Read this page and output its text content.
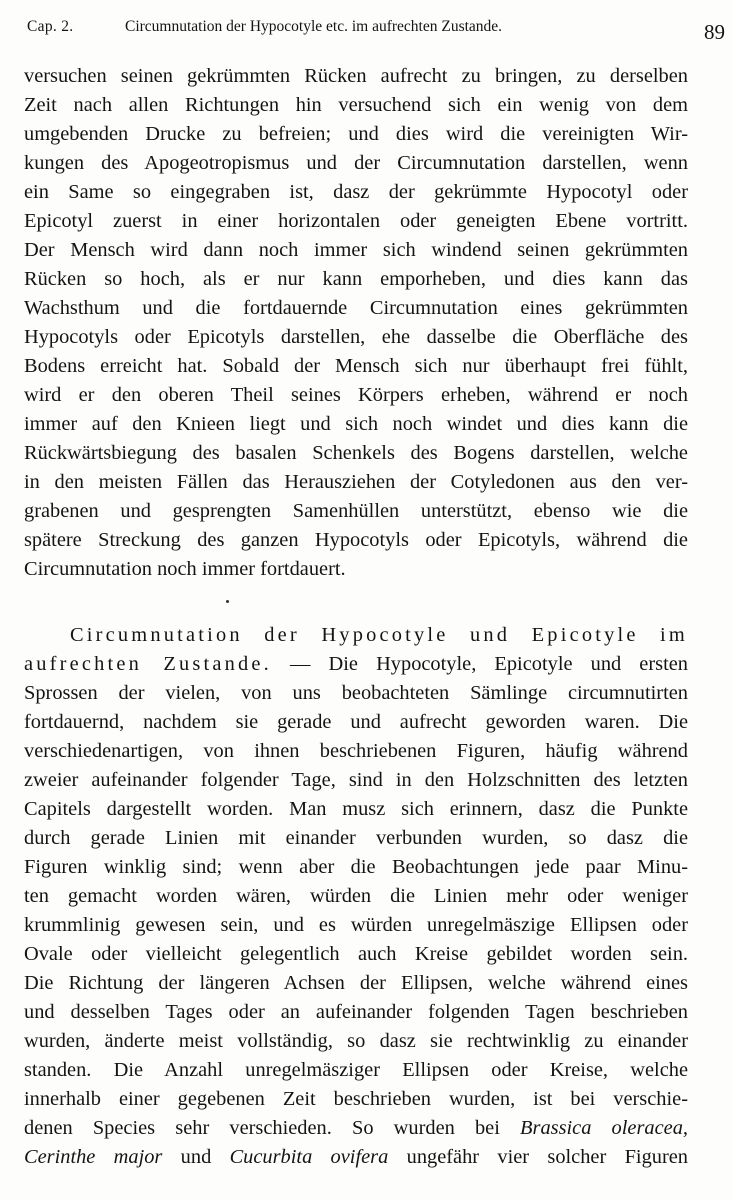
Cap. 2.	Circumnutation der Hypocotyle etc. im aufrechten Zustande.	89
versuchen seinen gekrümmten Rücken aufrecht zu bringen, zu derselben
Zeit nach allen Richtungen hin versuchend sich ein wenig von dem
umgebenden Drucke zu befreien; und dies wird die vereinigten Wir-
kungen des Apogeotropismus und der Circumnutation darstellen, wenn
ein Same so eingegraben ist, dasz der gekrümmte Hypocotyl oder
Epicotyl zuerst in einer horizontalen oder geneigten Ebene vortritt.
Der Mensch wird dann noch immer sich windend seinen gekrümmten
Rücken so hoch, als er nur kann emporheben, und dies kann das
Wachsthum und die fortdauernde Circumnutation eines gekrümmten
Hypocotyls oder Epicotyls darstellen, ehe dasselbe die Oberfläche des
Bodens erreicht hat. Sobald der Mensch sich nur überhaupt frei fühlt,
wird er den oberen Theil seines Körpers erheben, während er noch
immer auf den Knieen liegt und sich noch windet und dies kann die
Rückwärtsbiegung des basalen Schenkels des Bogens darstellen, welche
in den meisten Fällen das Herausziehen der Cotyledonen aus den ver-
grabenen und gesprengten Samenhüllen unterstützt, ebenso wie die
spätere Streckung des ganzen Hypocotyls oder Epicotyls, während die
Circumnutation noch immer fortdauert.
Circumnutation der Hypocotyle und Epicotyle im
aufrechten Zustande. — Die Hypocotyle, Epicotyle und ersten
Sprossen der vielen, von uns beobachteten Sämlinge circumnutirten
fortdauernd, nachdem sie gerade und aufrecht geworden waren. Die
verschiedenartigen, von ihnen beschriebenen Figuren, häufig während
zweier aufeinander folgender Tage, sind in den Holzschnitten des letzten
Capitels dargestellt worden. Man musz sich erinnern, dasz die Punkte
durch gerade Linien mit einander verbunden wurden, so dasz die
Figuren winklig sind; wenn aber die Beobachtungen jede paar Minu-
ten gemacht worden wären, würden die Linien mehr oder weniger
krummlinig gewesen sein, und es würden unregelmäszige Ellipsen oder
Ovale oder vielleicht gelegentlich auch Kreise gebildet worden sein.
Die Richtung der längeren Achsen der Ellipsen, welche während eines
und desselben Tages oder an aufeinander folgenden Tagen beschrieben
wurden, änderte meist vollständig, so dasz sie rechtwinklig zu einander
standen. Die Anzahl unregelmäsziger Ellipsen oder Kreise, welche
innerhalb einer gegebenen Zeit beschrieben wurden, ist bei verschie-
denen Species sehr verschieden. So wurden bei Brassica oleracea,
Cerinthe major und Cucurbita ovifera ungefähr vier solcher Figuren
